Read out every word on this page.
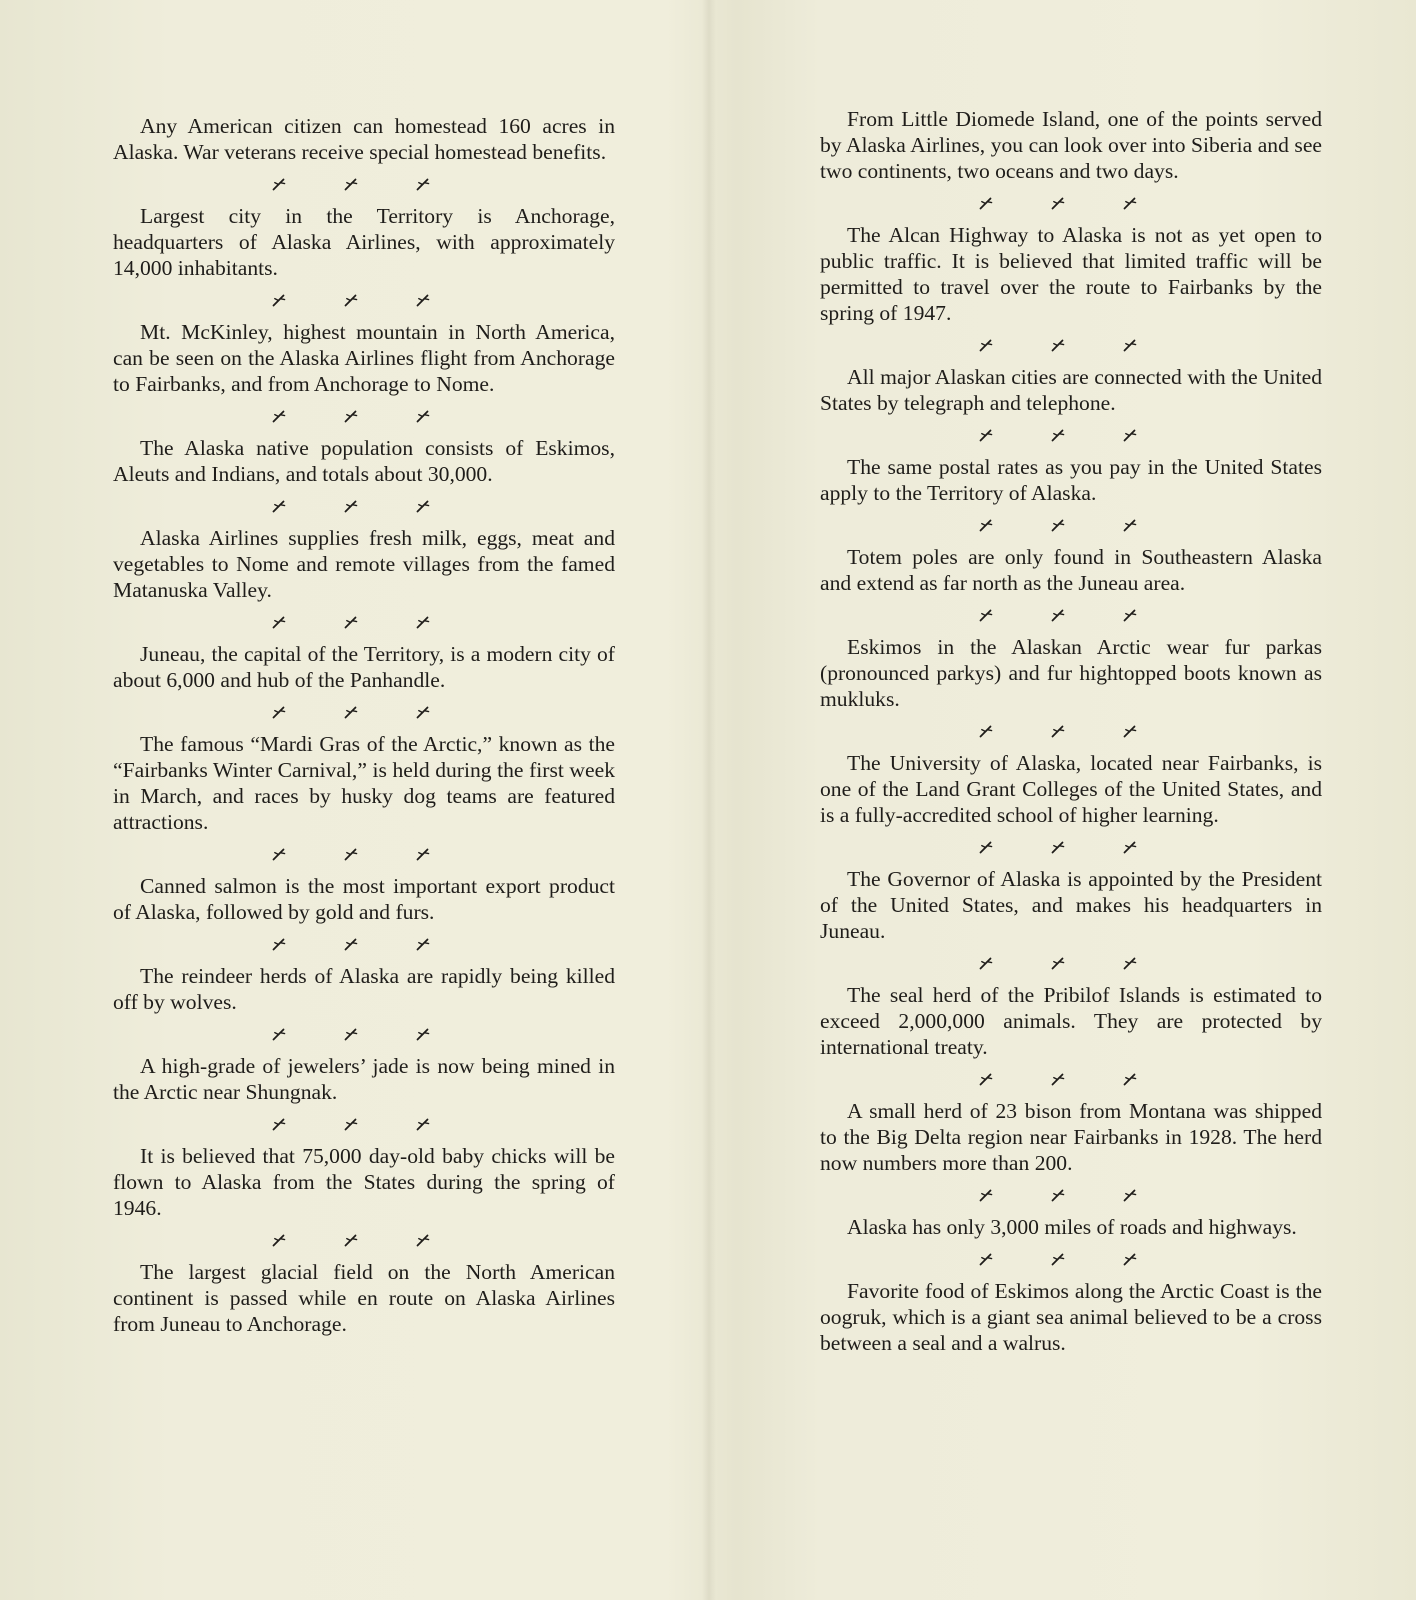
Any American citizen can homestead 160 acres in Alaska. War veterans receive special homestead benefits.

Largest city in the Territory is Anchorage, headquarters of Alaska Airlines, with approximately 14,000 inhabitants.

Mt. McKinley, highest mountain in North America, can be seen on the Alaska Airlines flight from Anchorage to Fairbanks, and from Anchorage to Nome.

The Alaska native population consists of Eskimos, Aleuts and Indians, and totals about 30,000.

Alaska Airlines supplies fresh milk, eggs, meat and vegetables to Nome and remote villages from the famed Matanuska Valley.

Juneau, the capital of the Territory, is a modern city of about 6,000 and hub of the Panhandle.

The famous “Mardi Gras of the Arctic,” known as the “Fairbanks Winter Carnival,” is held during the first week in March, and races by husky dog teams are featured attractions.

Canned salmon is the most important export product of Alaska, followed by gold and furs.

The reindeer herds of Alaska are rapidly being killed off by wolves.

A high-grade of jewelers’ jade is now being mined in the Arctic near Shungnak.

It is believed that 75,000 day-old baby chicks will be flown to Alaska from the States during the spring of 1946.

The largest glacial field on the North American continent is passed while en route on Alaska Airlines from Juneau to Anchorage.

From Little Diomede Island, one of the points served by Alaska Airlines, you can look over into Siberia and see two continents, two oceans and two days.

The Alcan Highway to Alaska is not as yet open to public traffic. It is believed that limited traffic will be permitted to travel over the route to Fairbanks by the spring of 1947.

All major Alaskan cities are connected with the United States by telegraph and telephone.

The same postal rates as you pay in the United States apply to the Territory of Alaska.

Totem poles are only found in Southeastern Alaska and extend as far north as the Juneau area.

Eskimos in the Alaskan Arctic wear fur parkas (pronounced parkys) and fur hightopped boots known as mukluks.

The University of Alaska, located near Fairbanks, is one of the Land Grant Colleges of the United States, and is a fully-accredited school of higher learning.

The Governor of Alaska is appointed by the President of the United States, and makes his headquarters in Juneau.

The seal herd of the Pribilof Islands is estimated to exceed 2,000,000 animals. They are protected by international treaty.

A small herd of 23 bison from Montana was shipped to the Big Delta region near Fairbanks in 1928. The herd now numbers more than 200.

Alaska has only 3,000 miles of roads and highways.

Favorite food of Eskimos along the Arctic Coast is the oogruk, which is a giant sea animal believed to be a cross between a seal and a walrus.
